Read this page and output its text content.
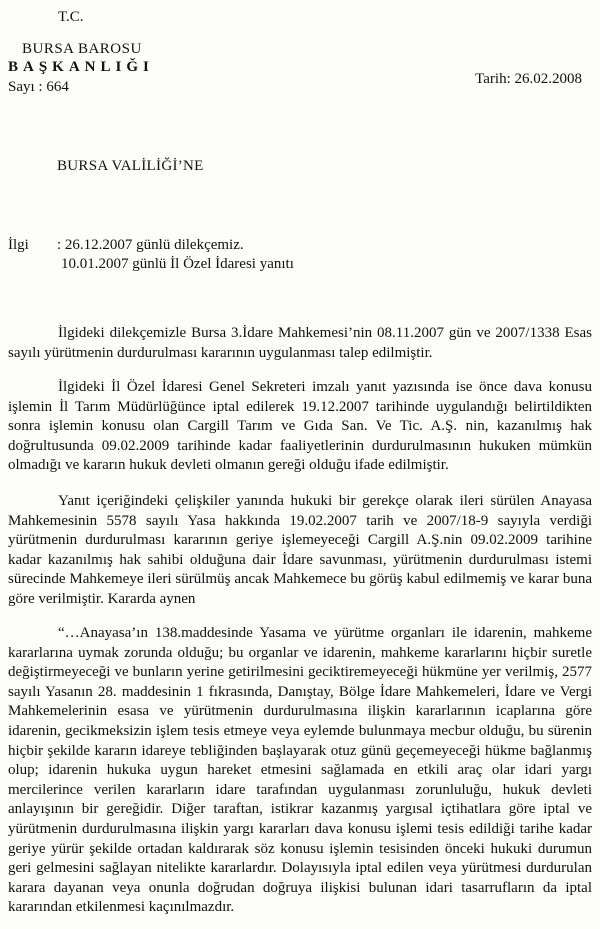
T.C.
BURSA BAROSU
BAŞKANLIĞI
Sayı : 664	Tarih: 26.02.2008
BURSA VALİLİĞİ’NE
İlgi : 26.12.2007 günlü dilekçemiz.
10.01.2007 günlü İl Özel İdaresi yanıtı

İlgideki dilekçemizle Bursa 3.İdare Mahkemesi’nin 08.11.2007 gün ve 2007/1338 Esas sayılı yürütmenin durdurulması kararının uygulanması talep edilmiştir.

İlgideki İl Özel İdaresi Genel Sekreteri imzalı yanıt yazısında ise önce dava konusu işlemin İl Tarım Müdürlüğünce iptal edilerek 19.12.2007 tarihinde uygulandığı belirtildikten sonra işlemin konusu olan Cargill Tarım ve Gıda San. Ve Tic. A.Ş. nin, kazanılmış hak doğrultusunda 09.02.2009 tarihinde kadar faaliyetlerinin durdurulmasının hukuken mümkün olmadığı ve kararın hukuk devleti olmanın gereği olduğu ifade edilmiştir.

Yanıt içeriğindeki çelişkiler yanında hukuki bir gerekçe olarak ileri sürülen Anayasa Mahkemesinin 5578 sayılı Yasa hakkında 19.02.2007 tarih ve 2007/18-9 sayıyla verdiği yürütmenin durdurulması kararının geriye işlemeyeceği Cargill A.Ş.nin 09.02.2009 tarihine kadar kazanılmış hak sahibi olduğuna dair İdare savunması, yürütmenin durdurulması istemi sürecinde Mahkemeye ileri sürülmüş ancak Mahkemece bu görüş kabul edilmemiş ve karar buna göre verilmiştir. Kararda aynen

“…Anayasa’ın 138.maddesinde Yasama ve yürütme organları ile idarenin, mahkeme kararlarına uymak zorunda olduğu; bu organlar ve idarenin, mahkeme kararlarını hiçbir suretle değiştirmeyeceği ve bunların yerine getirilmesini geciktiremeyeceği hükmüne yer verilmiş, 2577 sayılı Yasanın 28. maddesinin 1 fıkrasında, Danıştay, Bölge İdare Mahkemeleri, İdare ve Vergi Mahkemelerinin esasa ve yürütmenin durdurulmasına ilişkin kararlarının icaplarına göre idarenin, gecikmeksizin işlem tesis etmeye veya eylemde bulunmaya mecbur olduğu, bu sürenin hiçbir şekilde kararın idareye tebliğinden başlayarak otuz günü geçemeyeceği hükme bağlanmış olup; idarenin hukuka uygun hareket etmesini sağlamada en etkili araç olar idari yargı mercilerince verilen kararların idare tarafından uygulanması zorunluluğu, hukuk devleti anlayışının bir gereğidir. Diğer taraftan, istikrar kazanmış yargısal içtihatlara göre iptal ve yürütmenin durdurulmasına ilişkin yargı kararları dava konusu işlemi tesis edildiği tarihe kadar geriye yürür şekilde ortadan kaldırarak söz konusu işlemin tesisinden önceki hukuki durumun geri gelmesini sağlayan nitelikte kararlardır. Dolayısıyla iptal edilen veya yürütmesi durdurulan karara dayanan veya onunla doğrudan doğruya ilişkisi bulunan idari tasarrufların da iptal kararından etkilenmesi kaçınılmazdır.
